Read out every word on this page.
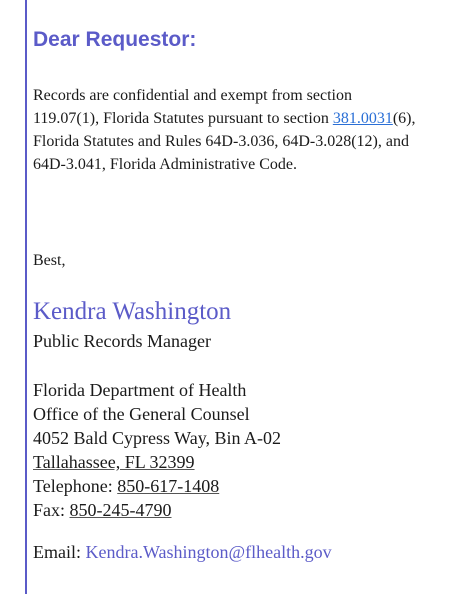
Dear Requestor:

Records are confidential and exempt from section
119.07(1), Florida Statutes pursuant to section 381.0031(6),
Florida Statutes and Rules 64D-3.036, 64D-3.028(12), and
64D-3.041, Florida Administrative Code.

Best,

Kendra Washington

Public Records Manager

Florida Department of Health
Office of the General Counsel
4052 Bald Cypress Way, Bin A-02
Tallahassee, FL 32399
Telephone: 850-617-1408
Fax: 850-245-4790

Email: Kendra.Washington@flhealth.gov
